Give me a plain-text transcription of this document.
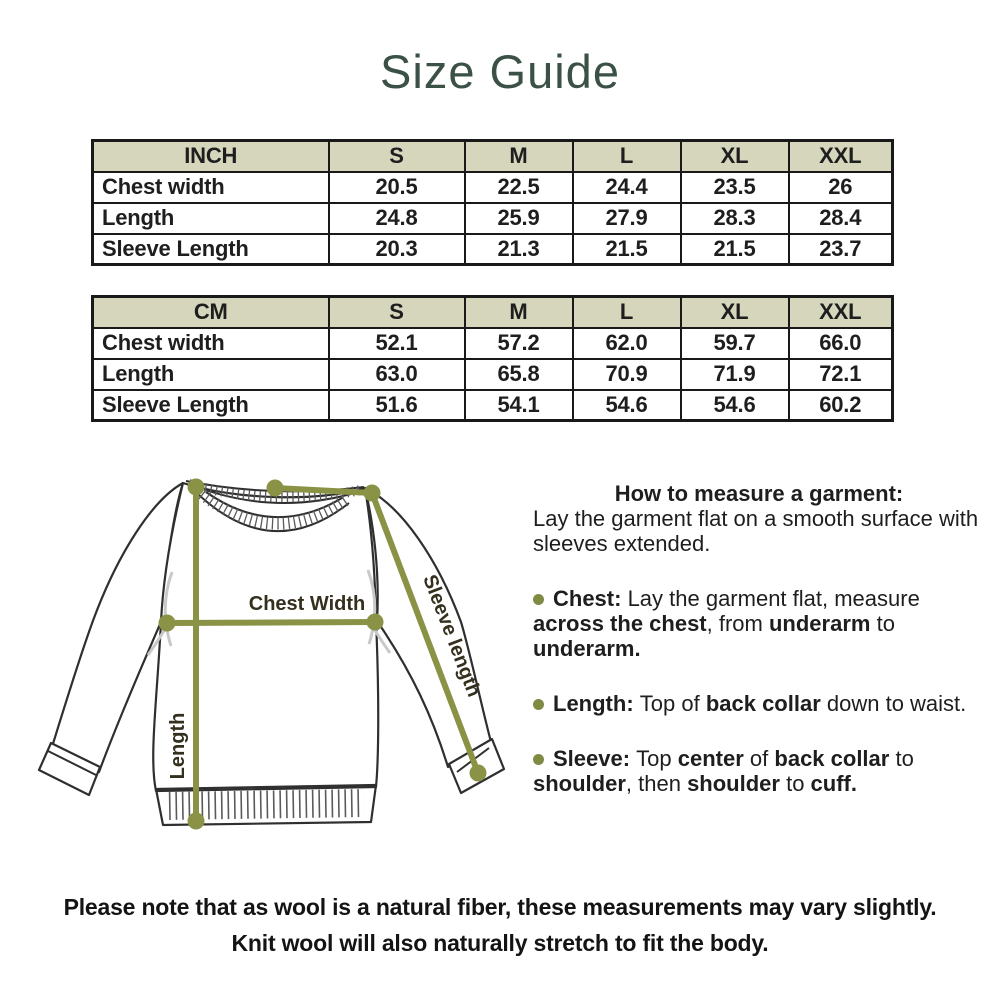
Size Guide
INCH	S	M	L	XL	XXL
Chest width	20.5	22.5	24.4	23.5	26
Length	24.8	25.9	27.9	28.3	28.4
Sleeve Length	20.3	21.3	21.5	21.5	23.7
CM	S	M	L	XL	XXL
Chest width	52.1	57.2	62.0	59.7	66.0
Length	63.0	65.8	70.9	71.9	72.1
Sleeve Length	51.6	54.1	54.6	54.6	60.2
Chest Width
Length
Sleeve length
How to measure a garment:
Lay the garment flat on a smooth surface with sleeves extended.
Chest: Lay the garment flat, measure across the chest, from underarm to underarm.
Length: Top of back collar down to waist.
Sleeve: Top center of back collar to shoulder, then shoulder to cuff.
Please note that as wool is a natural fiber, these measurements may vary slightly.
Knit wool will also naturally stretch to fit the body.
